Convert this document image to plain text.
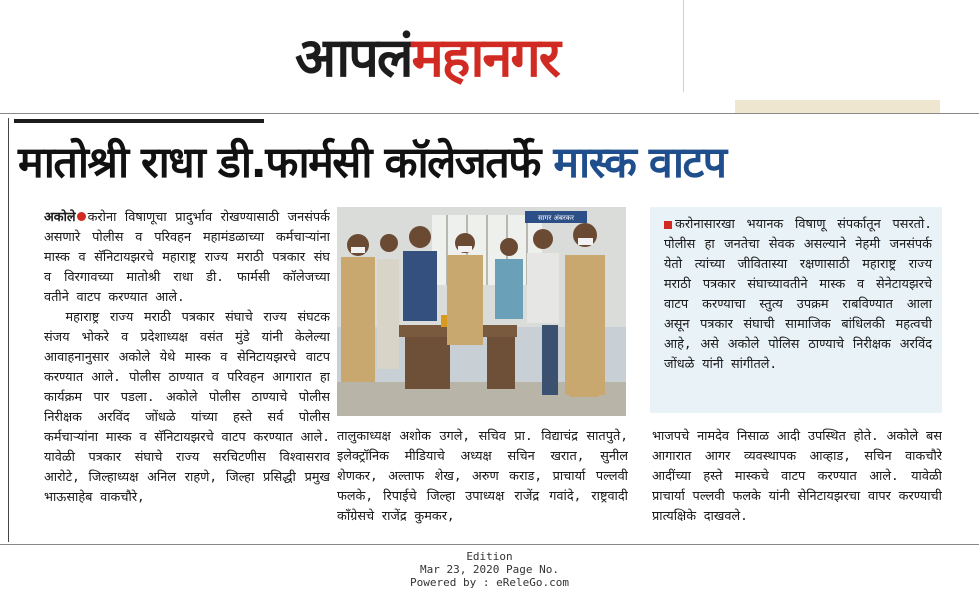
आपलं महानगर
मातोश्री राधा डी.फार्मसी कॉलेजतर्फे मास्क वाटप

अकोले करोना विषाणूचा प्रादुर्भाव रोखण्यासाठी जनसंपर्क असणारे पोलीस व परिवहन महामंडळाच्या कर्मचाऱ्यांना मास्क व सॅनिटायझरचे महाराष्ट्र राज्य मराठी पत्रकार संघ व विरगावच्या मातोश्री राधा डी. फार्मसी कॉलेजच्या वतीने वाटप करण्यात आले.

महाराष्ट्र राज्य मराठी पत्रकार संघाचे राज्य संघटक संजय भोकरे व प्रदेशाध्यक्ष वसंत मुंडे यांनी केलेल्या आवाहनानुसार अकोले येथे मास्क व सेनिटायझरचे वाटप करण्यात आले. पोलीस ठाण्यात व परिवहन आगारात हा कार्यक्रम पार पडला. अकोले पोलीस ठाण्याचे पोलीस निरीक्षक अरविंद जोंधळे यांच्या हस्ते सर्व पोलीस कर्मचाऱ्यांना मास्क व सॅनिटायझरचे वाटप करण्यात आले. यावेळी पत्रकार संघाचे राज्य सरचिटणीस विश्वासराव आरोटे, जिल्हाध्यक्ष अनिल राहणे, जिल्हा प्रसिद्धी प्रमुख भाऊसाहेब वाकचौरे,

सागर अंबरकर

तालुकाध्यक्ष अशोक उगले, सचिव प्रा. विद्याचंद्र सातपुते, इलेक्ट्रॉनिक मीडियाचे अध्यक्ष सचिन खरात, सुनील शेणकर, अल्ताफ शेख, अरुण कराड, प्राचार्या पल्लवी फलके, रिपाईचे जिल्हा उपाध्यक्ष राजेंद्र गवांदे, राष्ट्रवादी कॉंग्रेसचे राजेंद्र कुमकर,

करोनासारखा भयानक विषाणू संपर्कातून पसरतो. पोलीस हा जनतेचा सेवक असल्याने नेहमी जनसंपर्क येतो त्यांच्या जीवितास्या रक्षणासाठी महाराष्ट्र राज्य मराठी पत्रकार संघाच्यावतीने मास्क व सेनेटायझरचे वाटप करण्याचा स्तुत्य उपक्रम राबविण्यात आला असून पत्रकार संघाची सामाजिक बांधिलकी महत्वची आहे, असे अकोले पोलिस ठाण्याचे निरीक्षक अरविंद जोंधळे यांनी सांगीतले.

भाजपचे नामदेव निसाळ आदी उपस्थित होते. अकोले बस आगारात आगर व्यवस्थापक आव्हाड, सचिन वाकचौरे आदींच्या हस्ते मास्कचे वाटप करण्यात आले. यावेळी प्राचार्या पल्लवी फलके यांनी सेनिटायझरचा वापर करण्याची प्रात्यक्षिके दाखवले.

Edition
Mar 23, 2020 Page No.
Powered by : eReleGo.com
